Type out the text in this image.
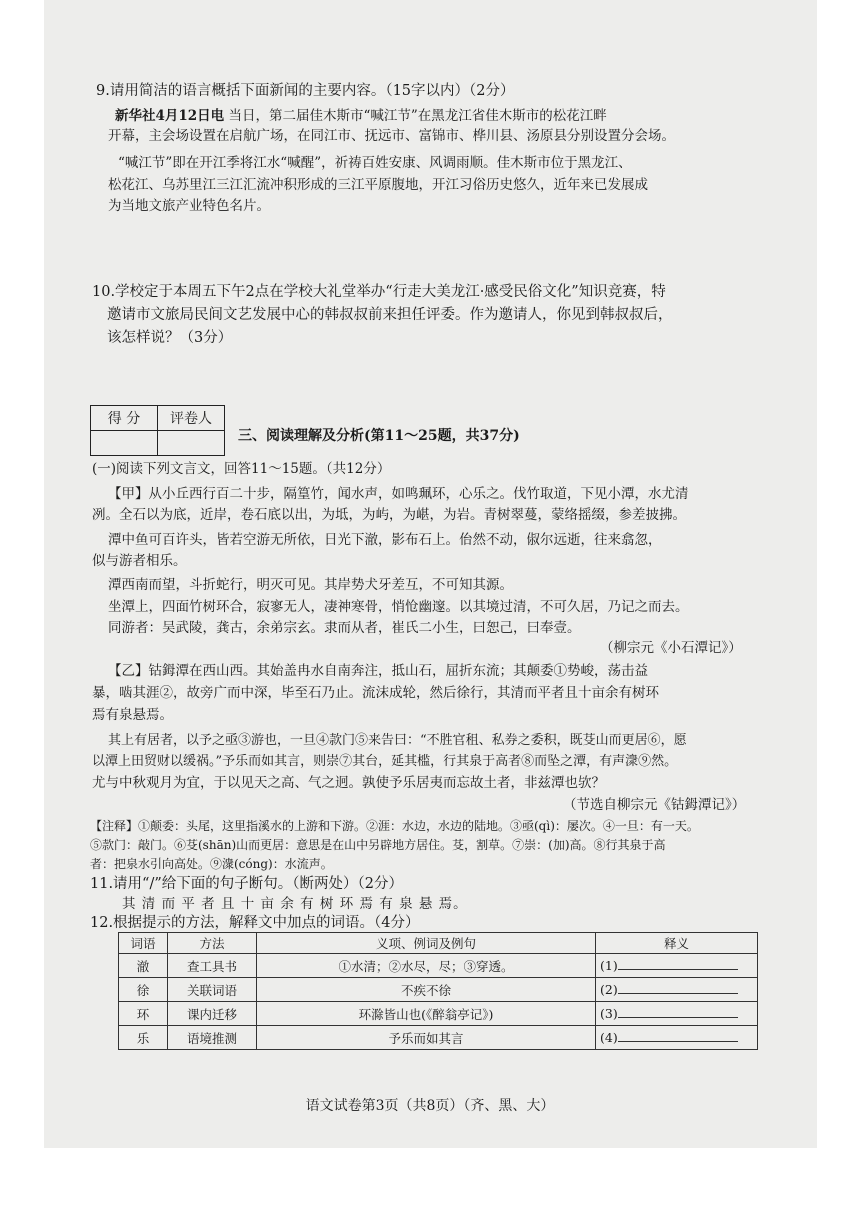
9.请用简洁的语言概括下面新闻的主要内容。（15字以内）（2分）
新华社4月12日电 当日，第二届佳木斯市“喊江节”在黑龙江省佳木斯市的松花江畔
开幕，主会场设置在启航广场，在同江市、抚远市、富锦市、桦川县、汤原县分别设置分会场。
“喊江节”即在开江季将江水“喊醒”，祈祷百姓安康、风调雨顺。佳木斯市位于黑龙江、
松花江、乌苏里江三江汇流冲积形成的三江平原腹地，开江习俗历史悠久，近年来已发展成
为当地文旅产业特色名片。
10.学校定于本周五下午2点在学校大礼堂举办“行走大美龙江·感受民俗文化”知识竞赛，特
邀请市文旅局民间文艺发展中心的韩叔叔前来担任评委。作为邀请人，你见到韩叔叔后，
该怎样说？（3分）
得 分	评卷人

三、阅读理解及分析(第11～25题，共37分)
(一)阅读下列文言文，回答11～15题。（共12分）
【甲】从小丘西行百二十步，隔篁竹，闻水声，如鸣珮环，心乐之。伐竹取道，下见小潭，水尤清
冽。全石以为底，近岸，卷石底以出，为坻，为屿，为嵁，为岩。青树翠蔓，蒙络摇缀，参差披拂。
潭中鱼可百许头，皆若空游无所依，日光下澈，影布石上。佁然不动，俶尔远逝，往来翕忽，
似与游者相乐。
潭西南而望，斗折蛇行，明灭可见。其岸势犬牙差互，不可知其源。
坐潭上，四面竹树环合，寂寥无人，凄神寒骨，悄怆幽邃。以其境过清，不可久居，乃记之而去。
同游者：吴武陵，龚古，余弟宗玄。隶而从者，崔氏二小生，曰恕己，曰奉壹。
（柳宗元《小石潭记》）
【乙】钴鉧潭在西山西。其始盖冉水自南奔注，抵山石，屈折东流；其颠委①势峻，荡击益
暴，啮其涯②，故旁广而中深，毕至石乃止。流沫成轮，然后徐行，其清而平者且十亩余有树环
焉有泉悬焉。
其上有居者，以予之亟③游也，一旦④款门⑤来告曰：“不胜官租、私券之委积，既芟山而更居⑥，愿
以潭上田贸财以缓祸。”予乐而如其言，则崇⑦其台，延其槛，行其泉于高者⑧而坠之潭，有声潨⑨然。
尤与中秋观月为宜，于以见天之高、气之迥。孰使予乐居夷而忘故土者，非兹潭也欤？
（节选自柳宗元《钴鉧潭记》）
【注释】①颠委：头尾，这里指溪水的上游和下游。②涯：水边，水边的陆地。③亟(qì)：屡次。④一旦：有一天。
⑤款门：敲门。⑥芟(shān)山而更居：意思是在山中另辟地方居住。芟，割草。⑦崇：(加)高。⑧行其泉于高
者：把泉水引向高处。⑨潨(cóng)：水流声。
11.请用“/”给下面的句子断句。（断两处）（2分）
其 清 而 平 者 且 十 亩 余 有 树 环 焉 有 泉 悬 焉。
12.根据提示的方法，解释文中加点的词语。（4分）
词语	方法	义项、例词及例句	释义
澈	查工具书	①水清；②水尽，尽；③穿透。	(1)
徐	关联词语	不疾不徐	(2)
环	课内迁移	环滁皆山也(《醉翁亭记》)	(3)
乐	语境推测	予乐而如其言	(4)
语文试卷第3页（共8页）（齐、黑、大）
